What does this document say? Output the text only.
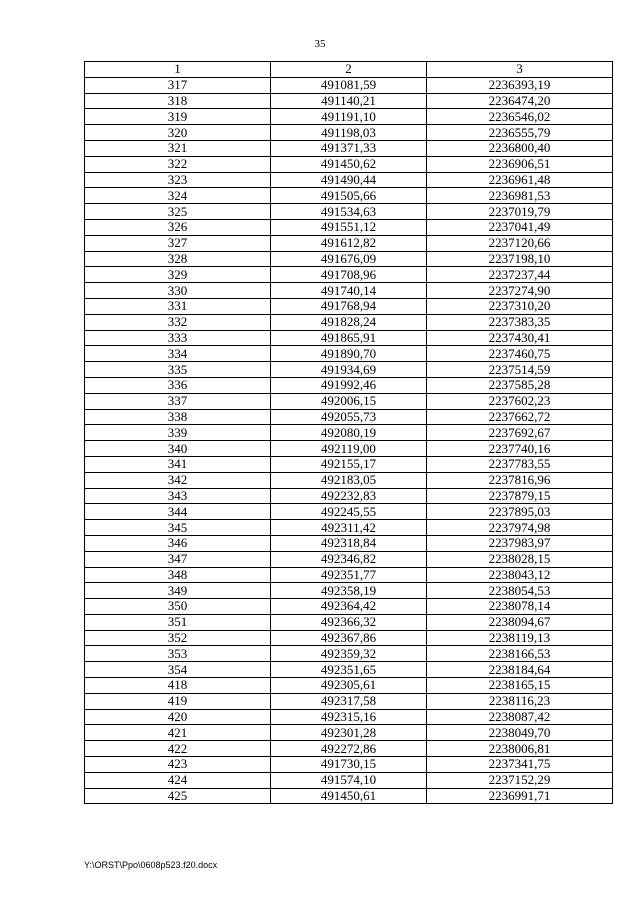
35
1	2	3
317	491081,59	2236393,19
318	491140,21	2236474,20
319	491191,10	2236546,02
320	491198,03	2236555,79
321	491371,33	2236800,40
322	491450,62	2236906,51
323	491490,44	2236961,48
324	491505,66	2236981,53
325	491534,63	2237019,79
326	491551,12	2237041,49
327	491612,82	2237120,66
328	491676,09	2237198,10
329	491708,96	2237237,44
330	491740,14	2237274,90
331	491768,94	2237310,20
332	491828,24	2237383,35
333	491865,91	2237430,41
334	491890,70	2237460,75
335	491934,69	2237514,59
336	491992,46	2237585,28
337	492006,15	2237602,23
338	492055,73	2237662,72
339	492080,19	2237692,67
340	492119,00	2237740,16
341	492155,17	2237783,55
342	492183,05	2237816,96
343	492232,83	2237879,15
344	492245,55	2237895,03
345	492311,42	2237974,98
346	492318,84	2237983,97
347	492346,82	2238028,15
348	492351,77	2238043,12
349	492358,19	2238054,53
350	492364,42	2238078,14
351	492366,32	2238094,67
352	492367,86	2238119,13
353	492359,32	2238166,53
354	492351,65	2238184,64
418	492305,61	2238165,15
419	492317,58	2238116,23
420	492315,16	2238087,42
421	492301,28	2238049,70
422	492272,86	2238006,81
423	491730,15	2237341,75
424	491574,10	2237152,29
425	491450,61	2236991,71
Y:\ORST\Ppo\0608p523.f20.docx
